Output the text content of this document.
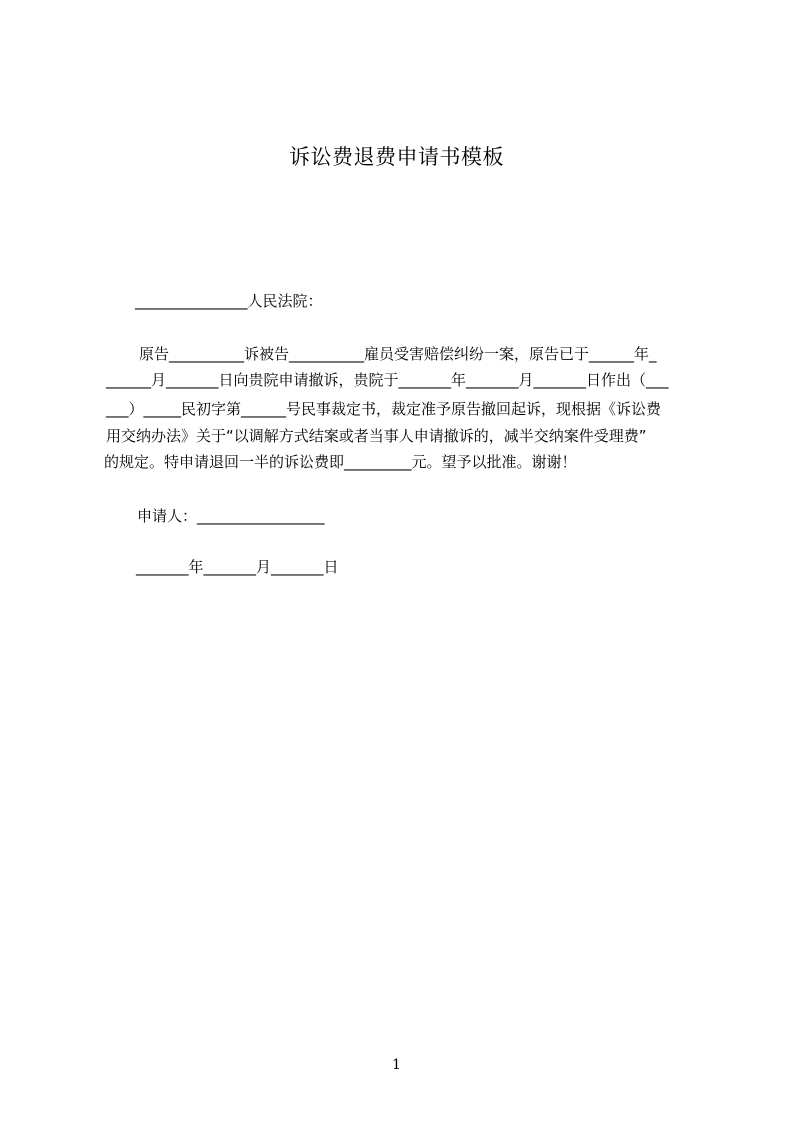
诉讼费退费申请书模板
_______________人民法院：
原告__________诉被告__________雇员受害赔偿纠纷一案，原告已于______年_
______月_______日向贵院申请撤诉，贵院于_______年_______月_______日作出（___
___）_____民初字第______号民事裁定书，裁定准予原告撤回起诉，现根据《诉讼费
用交纳办法》关于“以调解方式结案或者当事人申请撤诉的，减半交纳案件受理费”
的规定。特申请退回一半的诉讼费即_________元。望予以批准。谢谢！
申请人：_________________
_______年_______月_______日
1
